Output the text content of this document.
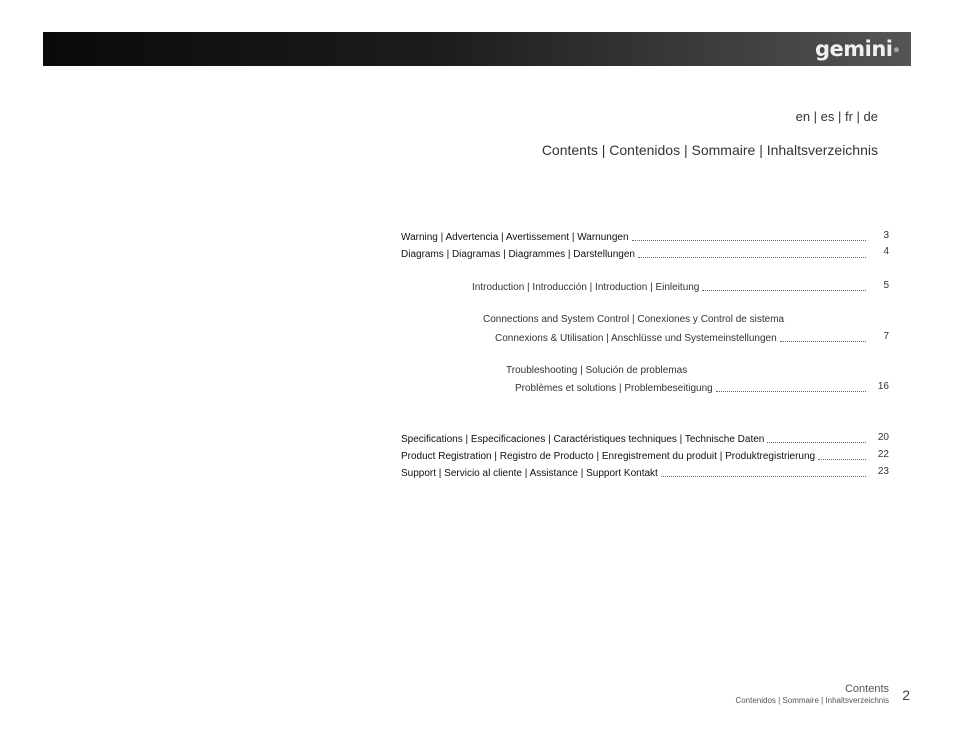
gemini®
en | es | fr | de
Contents | Contenidos | Sommaire | Inhaltsverzeichnis
Warning | Advertencia | Avertissement | Warnungen	3
Diagrams | Diagramas | Diagrammes | Darstellungen	4
Introduction | Introducción | Introduction | Einleitung	5
Connections and System Control | Conexiones y Control de sistema
Connexions & Utilisation | Anschlüsse und Systemeinstellungen	7
Troubleshooting | Solución de problemas
Problèmes et solutions | Problembeseitigung	16
Specifications | Especificaciones | Caractéristiques techniques | Technische Daten	20
Product Registration | Registro de Producto | Enregistrement du produit | Produktregistrierung	22
Support | Servicio al cliente | Assistance | Support Kontakt	23
Contents
Contenidos | Sommaire | Inhaltsverzeichnis 2
